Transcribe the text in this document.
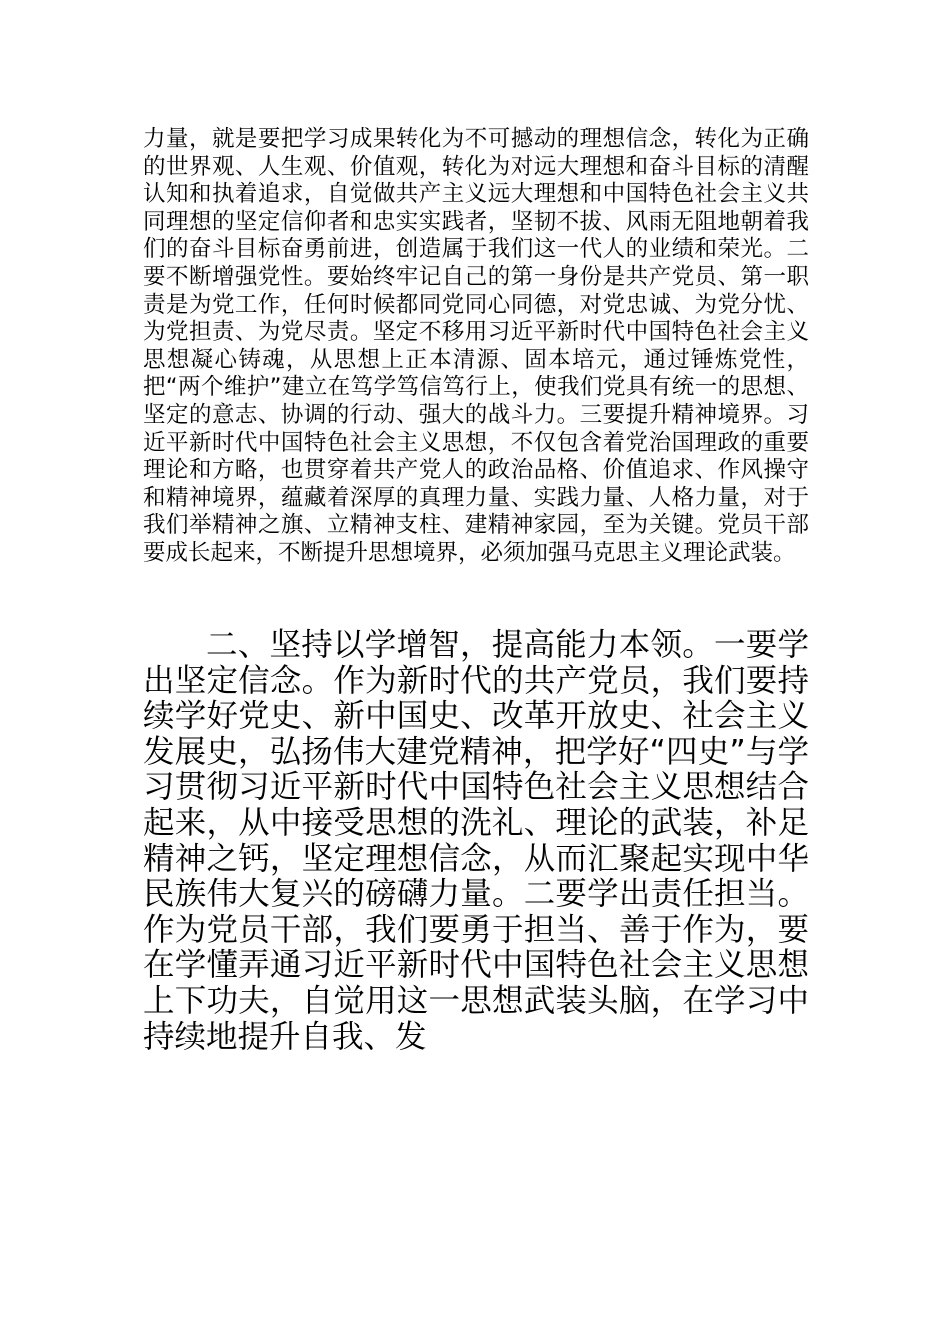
力量，就是要把学习成果转化为不可撼动的理想信念，转化为正确的世界观、人生观、价值观，转化为对远大理想和奋斗目标的清醒认知和执着追求，自觉做共产主义远大理想和中国特色社会主义共同理想的坚定信仰者和忠实实践者，坚韧不拔、风雨无阻地朝着我们的奋斗目标奋勇前进，创造属于我们这一代人的业绩和荣光。二要不断增强党性。要始终牢记自己的第一身份是共产党员、第一职责是为党工作，任何时候都同党同心同德，对党忠诚、为党分忧、为党担责、为党尽责。坚定不移用习近平新时代中国特色社会主义思想凝心铸魂，从思想上正本清源、固本培元，通过锤炼党性，把“两个维护”建立在笃学笃信笃行上，使我们党具有统一的思想、坚定的意志、协调的行动、强大的战斗力。三要提升精神境界。习近平新时代中国特色社会主义思想，不仅包含着党治国理政的重要理论和方略，也贯穿着共产党人的政治品格、价值追求、作风操守和精神境界，蕴藏着深厚的真理力量、实践力量、人格力量，对于我们举精神之旗、立精神支柱、建精神家园，至为关键。党员干部要成长起来，不断提升思想境界，必须加强马克思主义理论武装。

二、坚持以学增智，提高能力本领。一要学出坚定信念。作为新时代的共产党员，我们要持续学好党史、新中国史、改革开放史、社会主义发展史，弘扬伟大建党精神，把学好“四史”与学习贯彻习近平新时代中国特色社会主义思想结合起来，从中接受思想的洗礼、理论的武装，补足精神之钙，坚定理想信念，从而汇聚起实现中华民族伟大复兴的磅礴力量。二要学出责任担当。作为党员干部，我们要勇于担当、善于作为，要在学懂弄通习近平新时代中国特色社会主义思想上下功夫，自觉用这一思想武装头脑，在学习中持续地提升自我、发
